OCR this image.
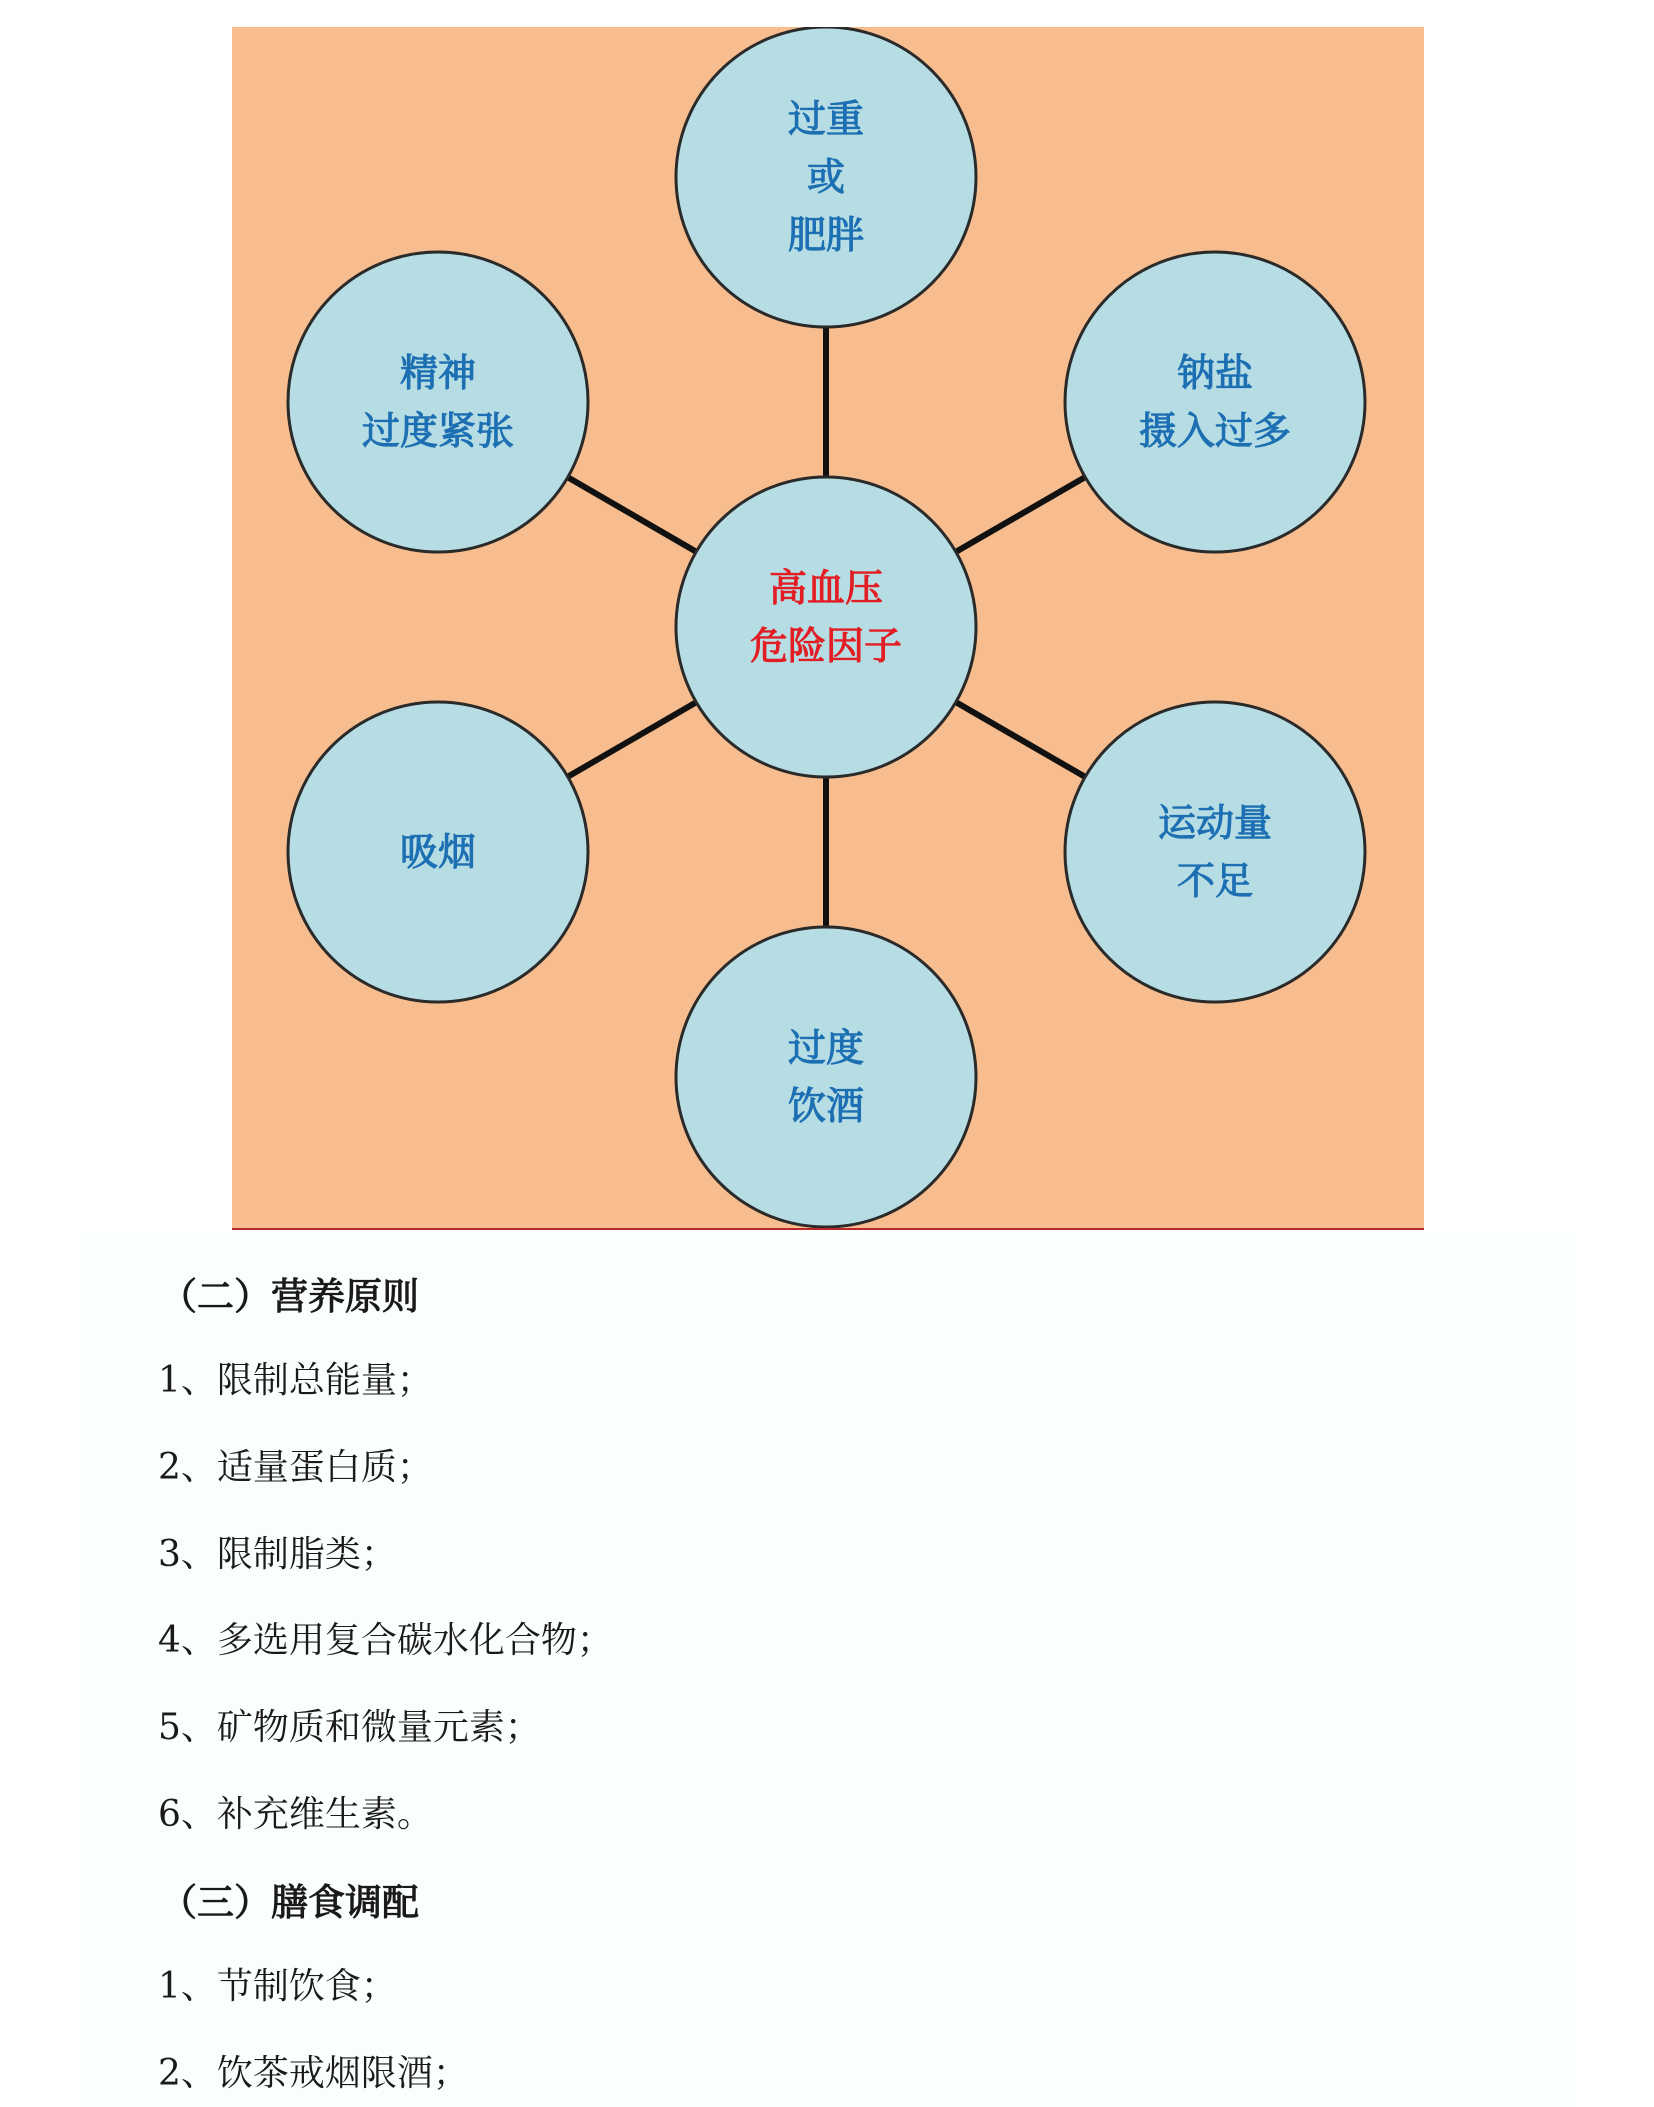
过重
或
肥胖
钠盐
摄入过多
运动量
不足
过度
饮酒
吸烟
精神
过度紧张
高血压
危险因子
（二）营养原则

1、限制总能量；

2、适量蛋白质；

3、限制脂类；

4、多选用复合碳水化合物；

5、矿物质和微量元素；

6、补充维生素。

（三）膳食调配

1、节制饮食；

2、饮茶戒烟限酒；
